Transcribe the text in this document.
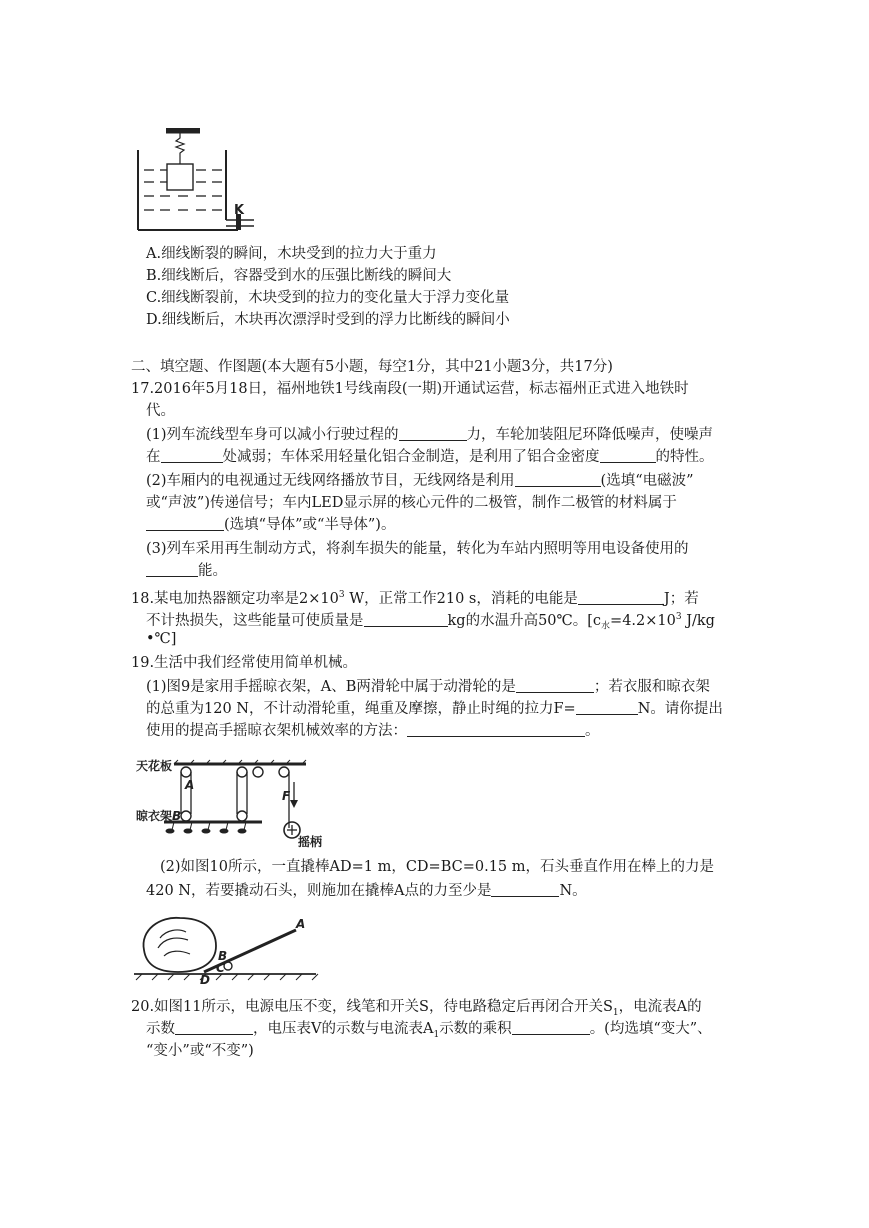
K
A.细线断裂的瞬间，木块受到的拉力大于重力
B.细线断后，容器受到水的压强比断线的瞬间大
C.细线断裂前，木块受到的拉力的变化量大于浮力变化量
D.细线断后，木块再次漂浮时受到的浮力比断线的瞬间小
二、填空题、作图题(本大题有5小题，每空1分，其中21小题3分，共17分)
17.2016年5月18日，福州地铁1号线南段(一期)开通试运营，标志福州正式进入地铁时
代。
(1)列车流线型车身可以减小行驶过程的	力，车轮加装阻尼环降低噪声，使噪声
在	处减弱；车体采用轻量化铝合金制造，是利用了铝合金密度	的特性。
(2)车厢内的电视通过无线网络播放节目，无线网络是利用	(选填“电磁波”
或“声波”)传递信号；车内LED显示屏的核心元件的二极管，制作二极管的材料属于
(选填“导体”或“半导体”)。
(3)列车采用再生制动方式，将刹车损失的能量，转化为车站内照明等用电设备使用的
能。
18.某电加热器额定功率是$2\times 10^3$ W，正常工作210 s，消耗的电能是	J；若
不计热损失，这些能量可使质量是	kg的水温升高50℃。[$c_水=4.2\times 10^3$ J/kg
•℃]
19.生活中我们经常使用简单机械。
(1)图9是家用手摇晾衣架，A、B两滑轮中属于动滑轮的是	；若衣服和晾衣架
的总重为120 N，不计动滑轮重，绳重及摩擦，静止时绳的拉力F=	N。请你提出
使用的提高手摇晾衣架机械效率的方法：	。
天花板
A
B
晾衣架
F
摇柄
(2)如图10所示，一直撬棒AD=1 m，CD=BC=0.15 m，石头垂直作用在棒上的力是
420 N，若要撬动石头，则施加在撬棒A点的力至少是	N。
A
B
C
D
20.如图11所示，电源电压不变，线笔和开关S，待电路稳定后再闭合开关$S_1$，电流表A的
示数	，电压表V的示数与电流表$A_1$示数的乘积	。(均选填“变大”、
“变小”或“不变”)
